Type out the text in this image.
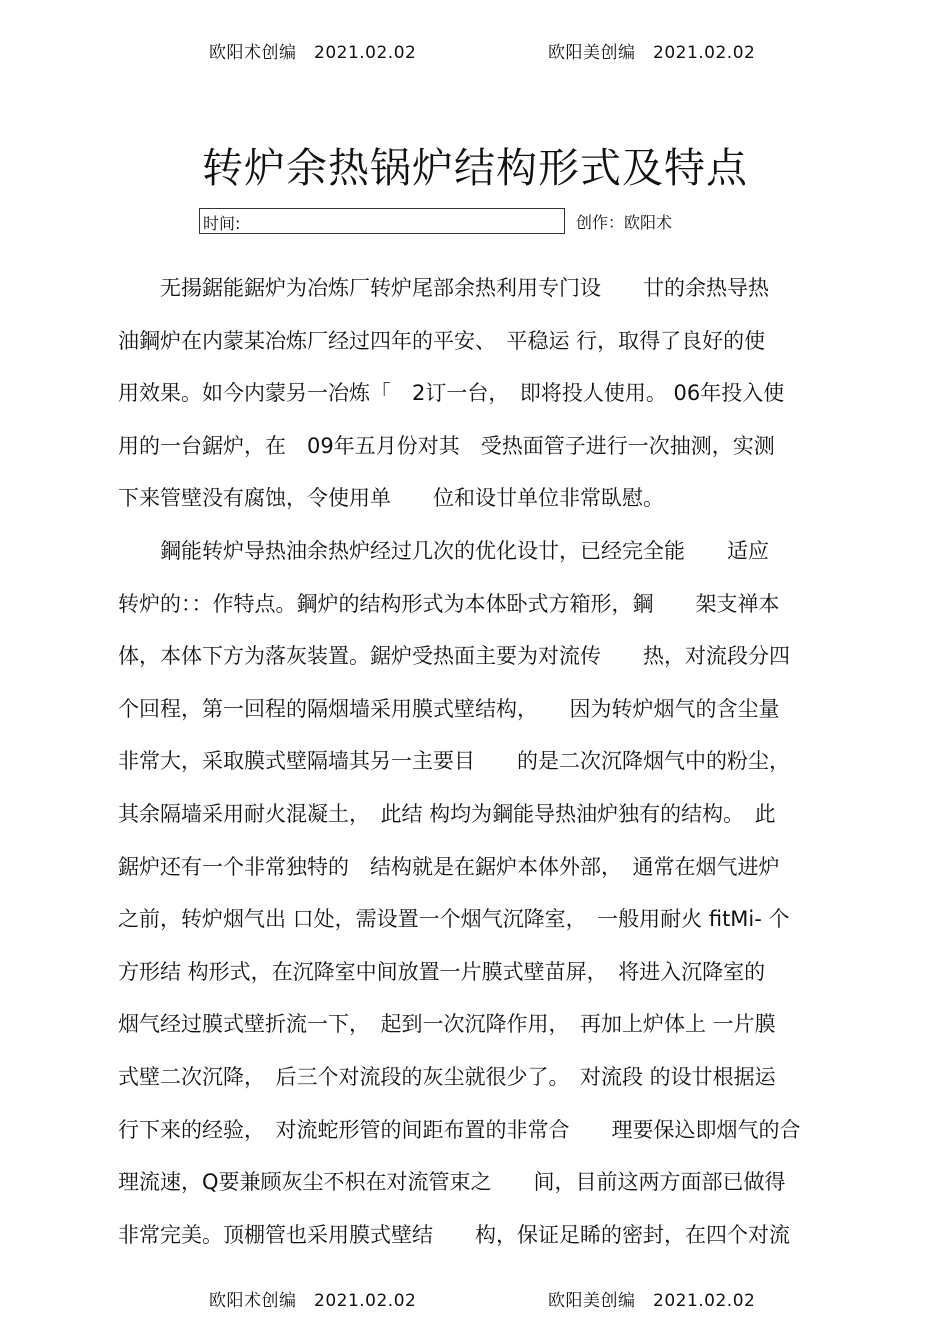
欧阳术创编　2021.02.02	欧阳美创编　2021.02.02
转炉余热锅炉结构形式及特点
时间:	创作：欧阳术
　　无揚鋸能鋸炉为冶炼厂转炉尾部余热利用专门设　　廿的余热导热
油鋼炉在内蒙某冶炼厂经过四年的平安、　平稳运 行，取得了良好的使
用效果。如今内蒙另一冶炼「　2订一台，　即将投人使用。 06年投入使
用的一台鋸炉，在　09年五月份对其　受热面管子进行一次抽测，实测
下来管壁没有腐蚀，令使用单　　位和设廿单位非常臥慰。
　　鋼能转炉导热油余热炉经过几次的优化设廿，已经完全能　　适应
转炉的：：作特点。鋼炉的结构形式为本体卧式方箱形，鋼　　架支禅本
体，本体下方为落灰装置。鋸炉受热面主要为对流传　　热，对流段分四
个回程，第一回程的隔烟墙采用膜式壁结构，　　因为转炉烟气的含尘量
非常大，采取膜式壁隔墙其另一主要目　　的是二次沉降烟气中的粉尘，
其余隔墙采用耐火混凝土，　此结 构均为鋼能导热油炉独有的结构。　此
鋸炉还有一个非常独特的　结构就是在鋸炉本体外部，　通常在烟气进炉
之前，转炉烟气出 口处，需设置一个烟气沉降室，　一般用耐火 fitMi- 个
方形结 构形式，在沉降室中间放置一片膜式壁苗屏，　将进入沉降室的
烟气经过膜式壁折流一下，　起到一次沉降作用，　再加上炉体上 一片膜
式壁二次沉降，　后三个对流段的灰尘就很少了。　对流段 的设廿根据运
行下来的经验，　对流蛇形管的间距布置的非常合　　理要保込即烟气的合
理流速，Q要兼顾灰尘不枳在对流管束之　　间，目前这两方面部已做得
非常完美。顶棚管也采用膜式壁结　　构，保证足睎的密封，在四个对流
欧阳术创编　2021.02.02	欧阳美创编　2021.02.02
